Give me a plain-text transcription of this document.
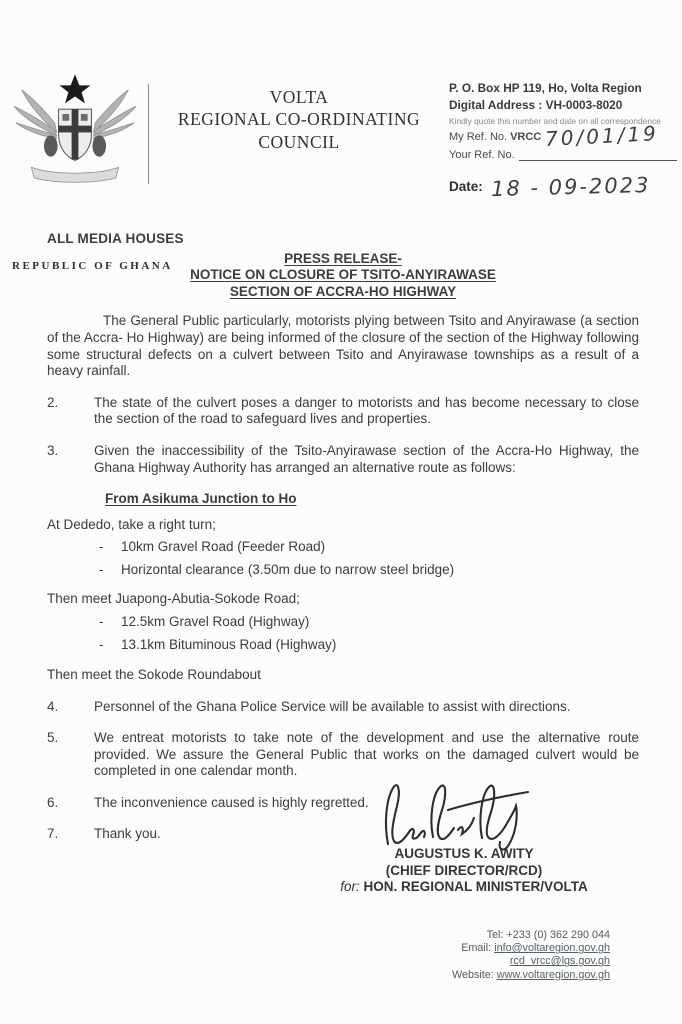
REPUBLIC OF GHANA
VOLTA
REGIONAL CO-ORDINATING
COUNCIL
P. O. Box HP 119, Ho, Volta Region
Digital Address : VH-0003-8020
Kindly quote this number and date on all correspondence
My Ref. No. VRCC 70/01/19
Your Ref. No.
Date: 18 - 09-2023
ALL MEDIA HOUSES
PRESS RELEASE-
NOTICE ON CLOSURE OF TSITO-ANYIRAWASE
SECTION OF ACCRA-HO HIGHWAY
The General Public particularly, motorists plying between Tsito and Anyirawase (a section of the Accra- Ho Highway) are being informed of the closure of the section of the Highway following some structural defects on a culvert between Tsito and Anyirawase townships as a result of a heavy rainfall.
2.	The state of the culvert poses a danger to motorists and has become necessary to close the section of the road to safeguard lives and properties.
3.	Given the inaccessibility of the Tsito-Anyirawase section of the Accra-Ho Highway, the Ghana Highway Authority has arranged an alternative route as follows:
From Asikuma Junction to Ho
At Dededo, take a right turn;
-	10km Gravel Road (Feeder Road)
-	Horizontal clearance (3.50m due to narrow steel bridge)
Then meet Juapong-Abutia-Sokode Road;
-	12.5km Gravel Road (Highway)
-	13.1km Bituminous Road (Highway)
Then meet the Sokode Roundabout
4.	Personnel of the Ghana Police Service will be available to assist with directions.
5.	We entreat motorists to take note of the development and use the alternative route provided. We assure the General Public that works on the damaged culvert would be completed in one calendar month.
6.	The inconvenience caused is highly regretted.
7.	Thank you.
AUGUSTUS K. AWITY
(CHIEF DIRECTOR/RCD)
for: HON. REGIONAL MINISTER/VOLTA
Tel: +233 (0) 362 290 044
Email: info@voltaregion.gov.gh
rcd_vrcc@lgs.gov.gh
Website: www.voltaregion.gov.gh
